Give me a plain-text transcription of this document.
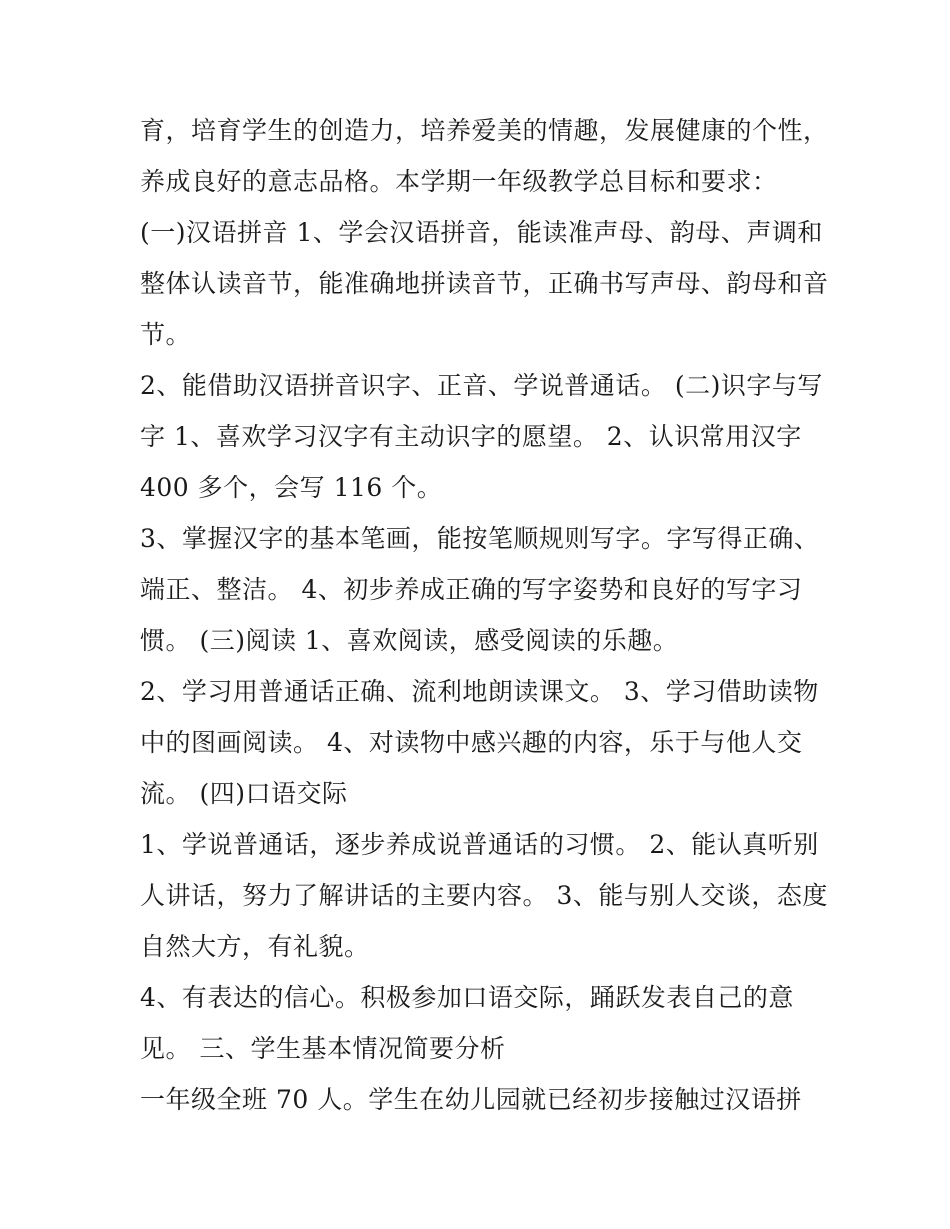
育，培育学生的创造力，培养爱美的情趣，发展健康的个性，
养成良好的意志品格。本学期一年级教学总目标和要求：
(一)汉语拼音 1、学会汉语拼音，能读准声母、韵母、声调和
整体认读音节，能准确地拼读音节，正确书写声母、韵母和音
节。
2、能借助汉语拼音识字、正音、学说普通话。 (二)识字与写
字 1、喜欢学习汉字有主动识字的愿望。 2、认识常用汉字
400 多个，会写 116 个。
3、掌握汉字的基本笔画，能按笔顺规则写字。字写得正确、
端正、整洁。 4、初步养成正确的写字姿势和良好的写字习
惯。 (三)阅读 1、喜欢阅读，感受阅读的乐趣。
2、学习用普通话正确、流利地朗读课文。 3、学习借助读物
中的图画阅读。 4、对读物中感兴趣的内容，乐于与他人交
流。 (四)口语交际
1、学说普通话，逐步养成说普通话的习惯。 2、能认真听别
人讲话，努力了解讲话的主要内容。 3、能与别人交谈，态度
自然大方，有礼貌。
4、有表达的信心。积极参加口语交际，踊跃发表自己的意
见。 三、学生基本情况简要分析
一年级全班 70 人。学生在幼儿园就已经初步接触过汉语拼
